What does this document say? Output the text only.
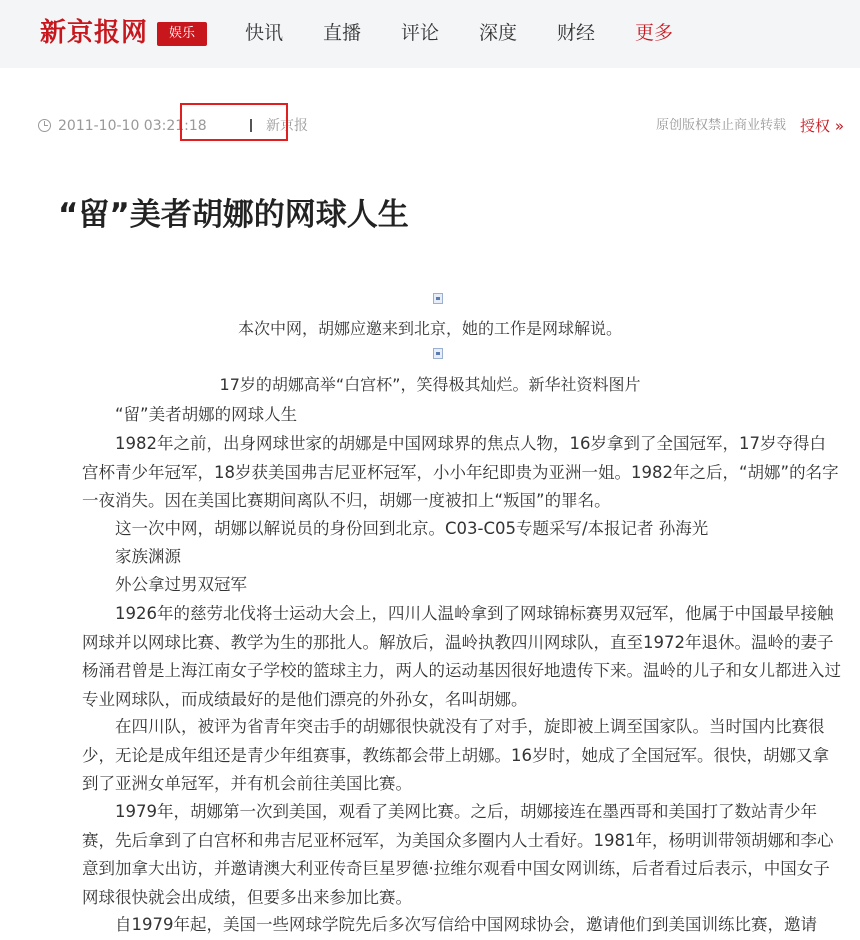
新京报网	娱乐	快讯 直播 评论 深度 财经 更多
2011-10-10 03:21:18	新京报	原创版权禁止商业转载 授权 »
“留”美者胡娜的网球人生
本次中网，胡娜应邀来到北京，她的工作是网球解说。
17岁的胡娜高举“白宫杯”，笑得极其灿烂。新华社资料图片

“留”美者胡娜的网球人生

1982年之前，出身网球世家的胡娜是中国网球界的焦点人物，16岁拿到了全国冠军，17岁夺得白宫杯青少年冠军，18岁获美国弗吉尼亚杯冠军，小小年纪即贵为亚洲一姐。1982年之后，“胡娜”的名字一夜消失。因在美国比赛期间离队不归，胡娜一度被扣上“叛国”的罪名。

这一次中网，胡娜以解说员的身份回到北京。C03-C05专题采写/本报记者 孙海光

家族渊源

外公拿过男双冠军

1926年的慈劳北伐将士运动大会上，四川人温岭拿到了网球锦标赛男双冠军，他属于中国最早接触网球并以网球比赛、教学为生的那批人。解放后，温岭执教四川网球队，直至1972年退休。温岭的妻子杨涌君曾是上海江南女子学校的篮球主力，两人的运动基因很好地遗传下来。温岭的儿子和女儿都进入过专业网球队，而成绩最好的是他们漂亮的外孙女，名叫胡娜。

在四川队，被评为省青年突击手的胡娜很快就没有了对手，旋即被上调至国家队。当时国内比赛很少，无论是成年组还是青少年组赛事，教练都会带上胡娜。16岁时，她成了全国冠军。很快，胡娜又拿到了亚洲女单冠军，并有机会前往美国比赛。

1979年，胡娜第一次到美国，观看了美网比赛。之后，胡娜接连在墨西哥和美国打了数站青少年赛，先后拿到了白宫杯和弗吉尼亚杯冠军，为美国众多圈内人士看好。1981年，杨明训带领胡娜和李心意到加拿大出访，并邀请澳大利亚传奇巨星罗德·拉维尔观看中国女网训练，后者看过后表示，中国女子网球很快就会出成绩，但要多出来参加比赛。

自1979年起，美国一些网球学院先后多次写信给中国网球协会，邀请他们到美国训练比赛，邀请
